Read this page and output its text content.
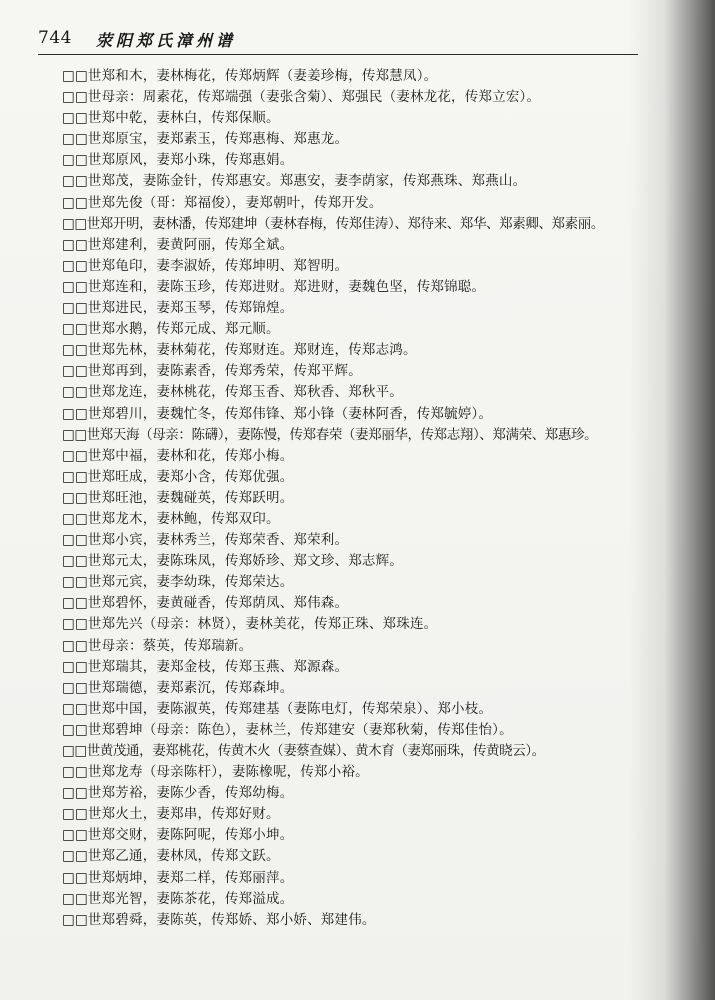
744 荥阳郑氏漳州谱
□□世郑和木，妻林梅花，传郑炳辉（妻姜珍梅，传郑慧凤）。
□□世母亲：周素花，传郑端强（妻张含菊）、郑强民（妻林龙花，传郑立宏）。
□□世郑中乾，妻林白，传郑保顺。
□□世郑原宝，妻郑素玉，传郑惠梅、郑惠龙。
□□世郑原风，妻郑小珠，传郑惠娟。
□□世郑茂，妻陈金针，传郑惠安。郑惠安，妻李荫家，传郑燕珠、郑燕山。
□□世郑先俊（哥：郑福俊），妻郑朝叶，传郑开发。
□□世郑开明，妻林潘，传郑建坤（妻林春梅，传郑佳涛）、郑待来、郑华、郑素卿、郑素丽。
□□世郑建利，妻黄阿丽，传郑全斌。
□□世郑龟印，妻李淑娇，传郑坤明、郑智明。
□□世郑连和，妻陈玉珍，传郑进财。郑进财，妻魏色坚，传郑锦聪。
□□世郑进民，妻郑玉琴，传郑锦煌。
□□世郑水鹅，传郑元成、郑元顺。
□□世郑先林，妻林菊花，传郑财连。郑财连，传郑志鸿。
□□世郑再到，妻陈素香，传郑秀荣，传郑平辉。
□□世郑龙连，妻林桃花，传郑玉香、郑秋香、郑秋平。
□□世郑碧川，妻魏忙冬，传郑伟锋、郑小锋（妻林阿香，传郑毓婷）。
□□世郑天海（母亲：陈礴），妻陈慢，传郑春荣（妻郑丽华，传郑志翔）、郑满荣、郑惠珍。
□□世郑中福，妻林和花，传郑小梅。
□□世郑旺成，妻郑小含，传郑优强。
□□世郑旺池，妻魏碰英，传郑跃明。
□□世郑龙木，妻林鲍，传郑双印。
□□世郑小宾，妻林秀兰，传郑荣香、郑荣利。
□□世郑元太，妻陈珠凤，传郑娇珍、郑文珍、郑志辉。
□□世郑元宾，妻李幼珠，传郑荣达。
□□世郑碧怀，妻黄碰香，传郑荫凤、郑伟森。
□□世郑先兴（母亲：林贤），妻林美花，传郑正珠、郑珠连。
□□世母亲：蔡英，传郑瑞新。
□□世郑瑞其，妻郑金枝，传郑玉燕、郑源森。
□□世郑瑞德，妻郑素沉，传郑森坤。
□□世郑中国，妻陈淑英，传郑建基（妻陈电灯，传郑荣泉）、郑小枝。
□□世郑碧坤（母亲：陈色），妻林兰，传郑建安（妻郑秋菊，传郑佳怡）。
□□世黄茂通，妻郑桃花，传黄木火（妻蔡查媒）、黄木育（妻郑丽珠，传黄晓云）。
□□世郑龙寿（母亲陈杆），妻陈橡呢，传郑小裕。
□□世郑芳裕，妻陈少香，传郑幼梅。
□□世郑火土，妻郑串，传郑好财。
□□世郑交财，妻陈阿呢，传郑小坤。
□□世郑乙通，妻林凤，传郑文跃。
□□世郑炳坤，妻郑二样，传郑丽萍。
□□世郑光智，妻陈茶花，传郑溢成。
□□世郑碧舜，妻陈英，传郑娇、郑小娇、郑建伟。
